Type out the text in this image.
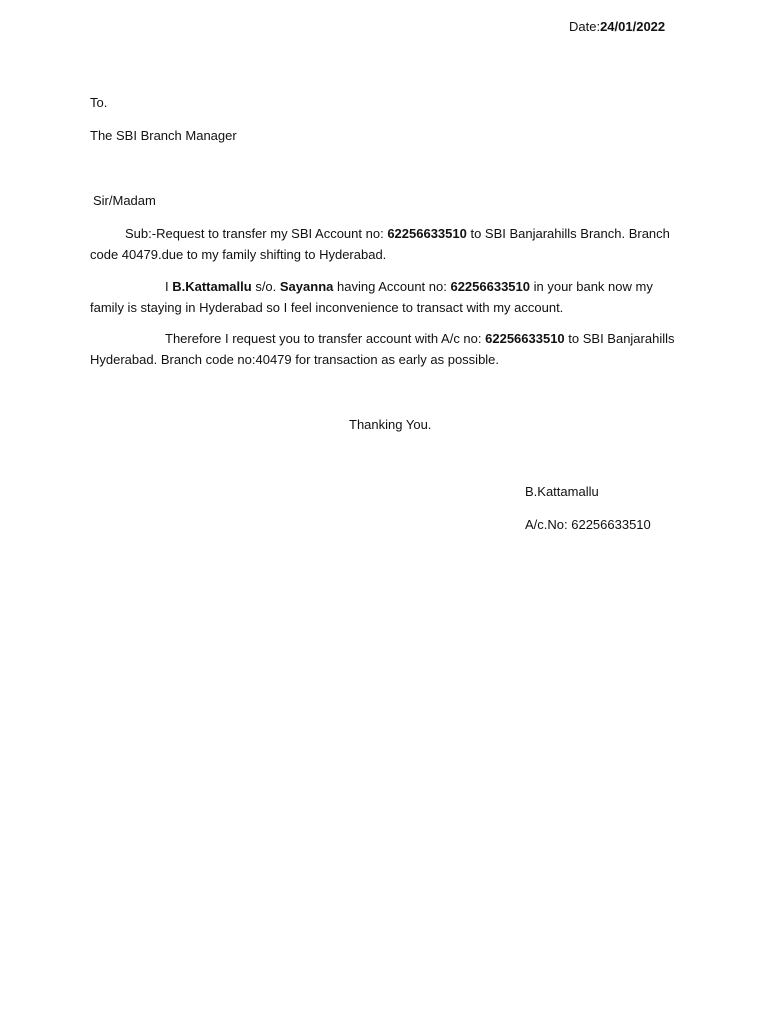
Date:24/01/2022
To.
The SBI Branch Manager
Sir/Madam
Sub:-Request to transfer my SBI Account no: 62256633510 to SBI Banjarahills Branch. Branch code 40479.due to my family shifting to Hyderabad.
I B.Kattamallu s/o. Sayanna having Account no: 62256633510 in your bank now my family is staying in Hyderabad so I feel inconvenience to transact with my account.
Therefore I request you to transfer account with A/c no: 62256633510 to SBI Banjarahills Hyderabad. Branch code no:40479 for transaction as early as possible.
Thanking You.
B.Kattamallu
A/c.No: 62256633510
